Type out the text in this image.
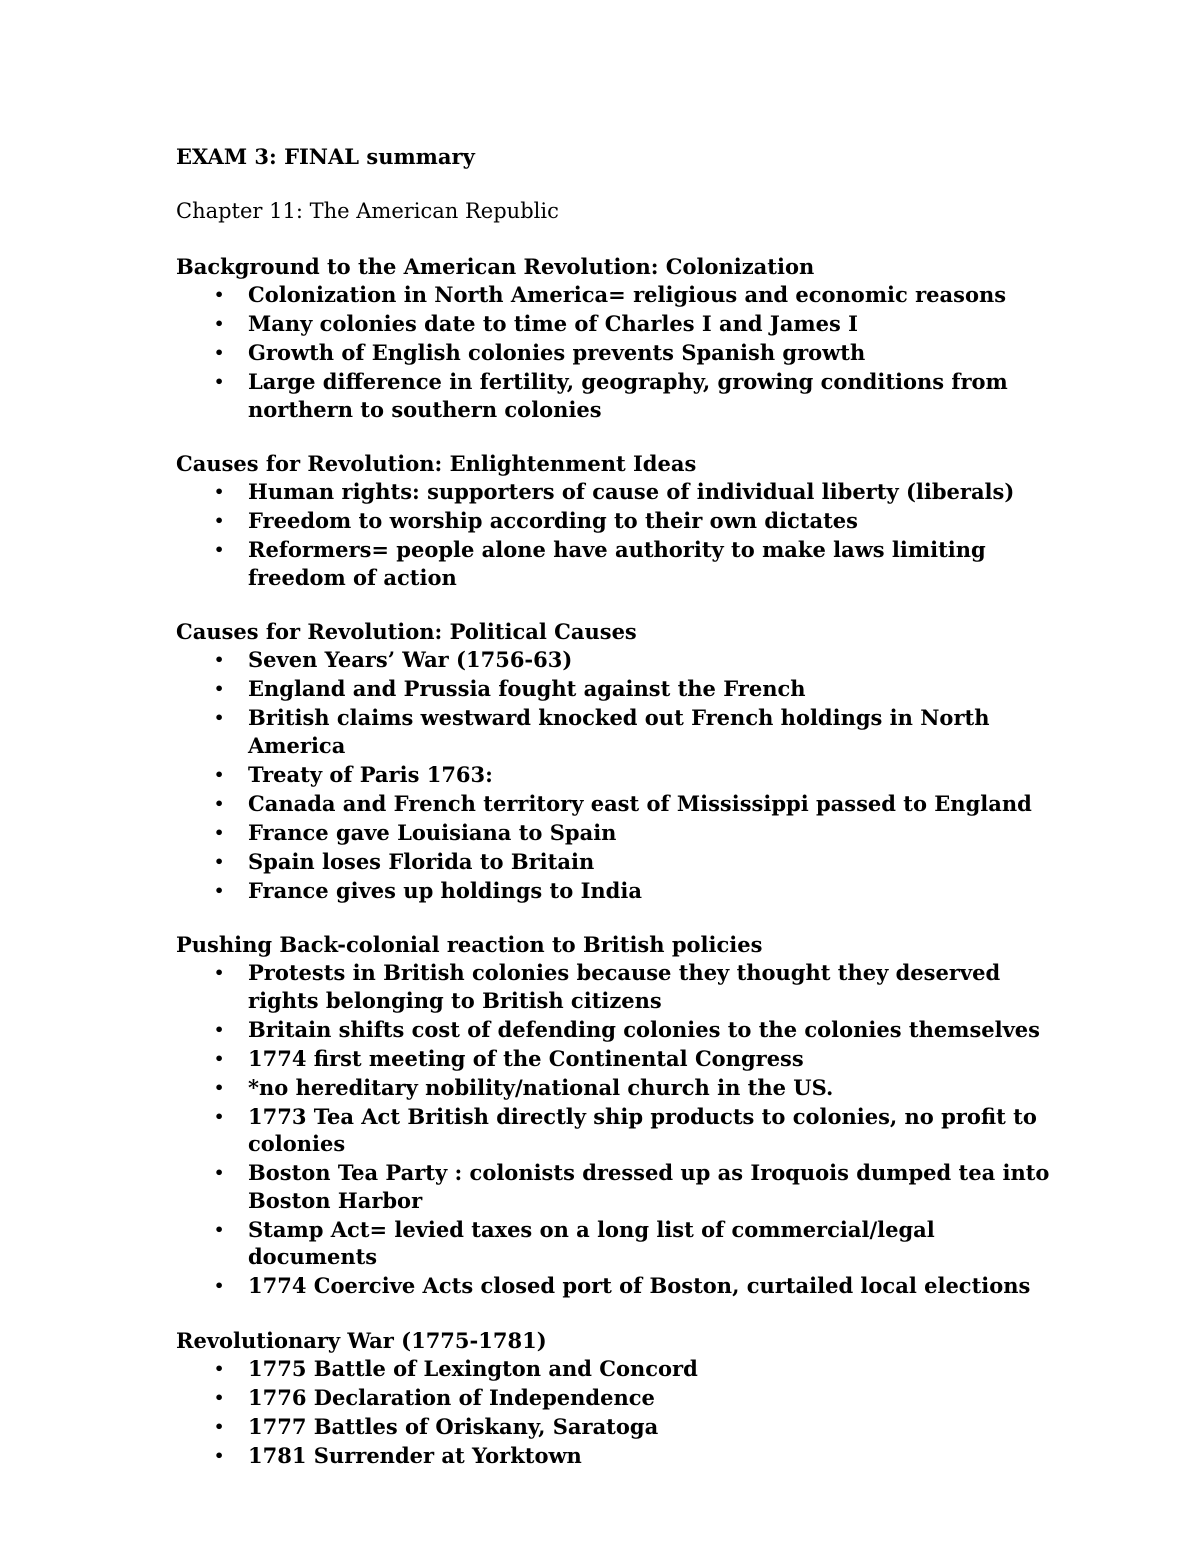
EXAM 3: FINAL summary
Chapter 11: The American Republic
Background to the American Revolution: Colonization
• Colonization in North America= religious and economic reasons
• Many colonies date to time of Charles I and James I
• Growth of English colonies prevents Spanish growth
• Large difference in fertility, geography, growing conditions from northern to southern colonies
Causes for Revolution: Enlightenment Ideas
• Human rights: supporters of cause of individual liberty (liberals)
• Freedom to worship according to their own dictates
• Reformers= people alone have authority to make laws limiting freedom of action
Causes for Revolution: Political Causes
• Seven Years’ War (1756-63)
• England and Prussia fought against the French
• British claims westward knocked out French holdings in North America
• Treaty of Paris 1763:
• Canada and French territory east of Mississippi passed to England
• France gave Louisiana to Spain
• Spain loses Florida to Britain
• France gives up holdings to India
Pushing Back-colonial reaction to British policies
• Protests in British colonies because they thought they deserved rights belonging to British citizens
• Britain shifts cost of defending colonies to the colonies themselves
• 1774 first meeting of the Continental Congress
• *no hereditary nobility/national church in the US.
• 1773 Tea Act British directly ship products to colonies, no profit to colonies
• Boston Tea Party : colonists dressed up as Iroquois dumped tea into Boston Harbor
• Stamp Act= levied taxes on a long list of commercial/legal documents
• 1774 Coercive Acts closed port of Boston, curtailed local elections
Revolutionary War (1775-1781)
• 1775 Battle of Lexington and Concord
• 1776 Declaration of Independence
• 1777 Battles of Oriskany, Saratoga
• 1781 Surrender at Yorktown
